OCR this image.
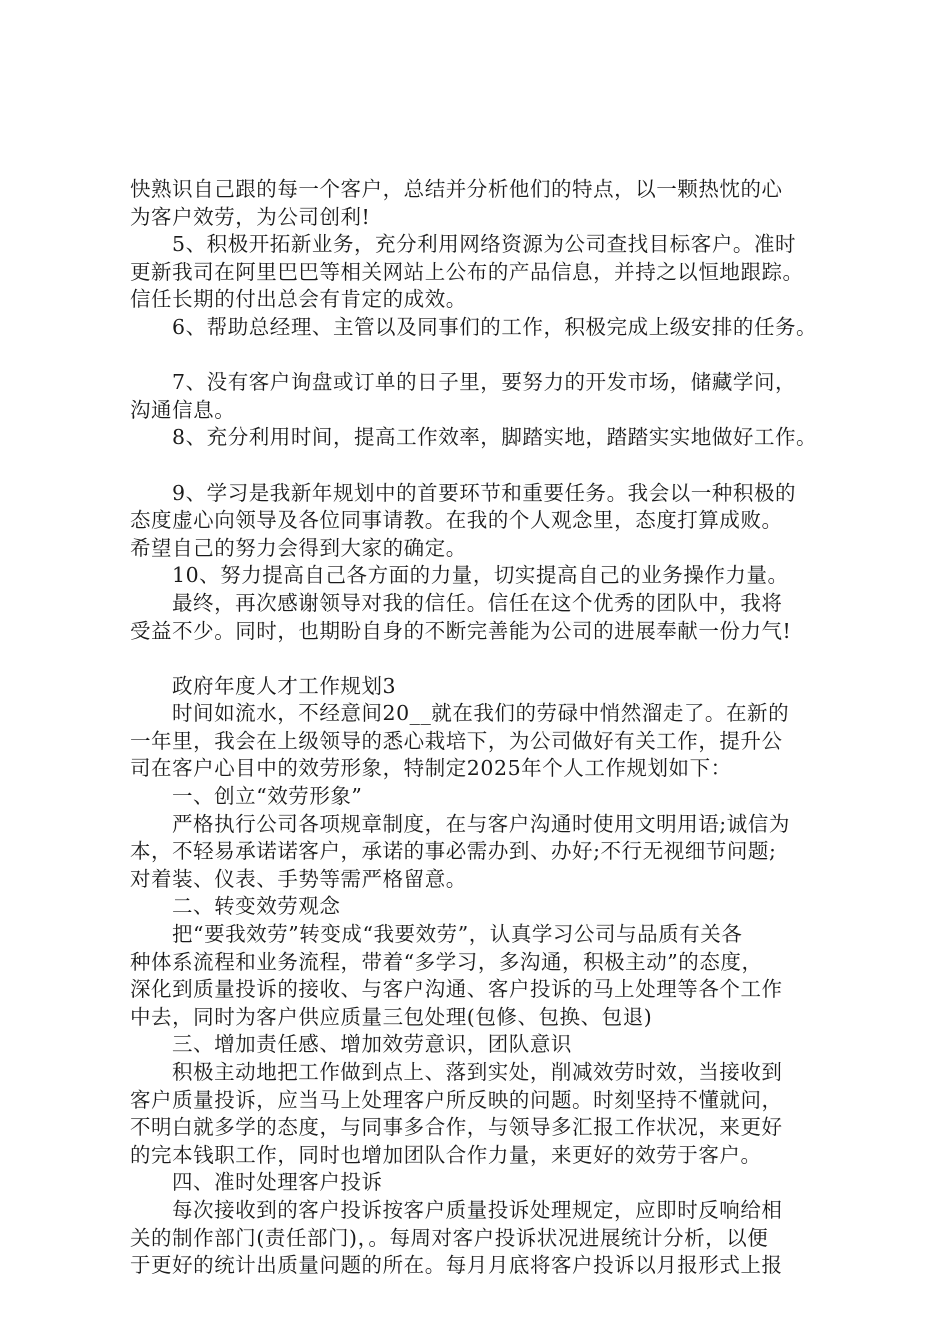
快熟识自己跟的每一个客户，总结并分析他们的特点，以一颗热忱的心
为客户效劳，为公司创利!
5、积极开拓新业务，充分利用网络资源为公司查找目标客户。准时
更新我司在阿里巴巴等相关网站上公布的产品信息，并持之以恒地跟踪。
信任长期的付出总会有肯定的成效。
6、帮助总经理、主管以及同事们的工作，积极完成上级安排的任务。
7、没有客户询盘或订单的日子里，要努力的开发市场，储藏学问，
沟通信息。
8、充分利用时间，提高工作效率，脚踏实地，踏踏实实地做好工作。
9、学习是我新年规划中的首要环节和重要任务。我会以一种积极的
态度虚心向领导及各位同事请教。在我的个人观念里，态度打算成败。
希望自己的努力会得到大家的确定。
10、努力提高自己各方面的力量，切实提高自己的业务操作力量。
最终，再次感谢领导对我的信任。信任在这个优秀的团队中，我将
受益不少。同时，也期盼自身的不断完善能为公司的进展奉献一份力气!
政府年度人才工作规划3
时间如流水，不经意间20__就在我们的劳碌中悄然溜走了。在新的
一年里，我会在上级领导的悉心栽培下，为公司做好有关工作，提升公
司在客户心目中的效劳形象，特制定2025年个人工作规划如下：
一、创立“效劳形象”
严格执行公司各项规章制度，在与客户沟通时使用文明用语;诚信为
本，不轻易承诺诺客户，承诺的事必需办到、办好;不行无视细节问题;
对着装、仪表、手势等需严格留意。
二、转变效劳观念
把“要我效劳”转变成“我要效劳”，认真学习公司与品质有关各
种体系流程和业务流程，带着“多学习，多沟通，积极主动”的态度，
深化到质量投诉的接收、与客户沟通、客户投诉的马上处理等各个工作
中去，同时为客户供应质量三包处理(包修、包换、包退)
三、增加责任感、增加效劳意识，团队意识
积极主动地把工作做到点上、落到实处，削减效劳时效，当接收到
客户质量投诉，应当马上处理客户所反映的问题。时刻坚持不懂就问，
不明白就多学的态度，与同事多合作，与领导多汇报工作状况，来更好
的完本钱职工作，同时也增加团队合作力量，来更好的效劳于客户。
四、准时处理客户投诉
每次接收到的客户投诉按客户质量投诉处理规定，应即时反响给相
关的制作部门(责任部门)，。每周对客户投诉状况进展统计分析，以便
于更好的统计出质量问题的所在。每月月底将客户投诉以月报形式上报
